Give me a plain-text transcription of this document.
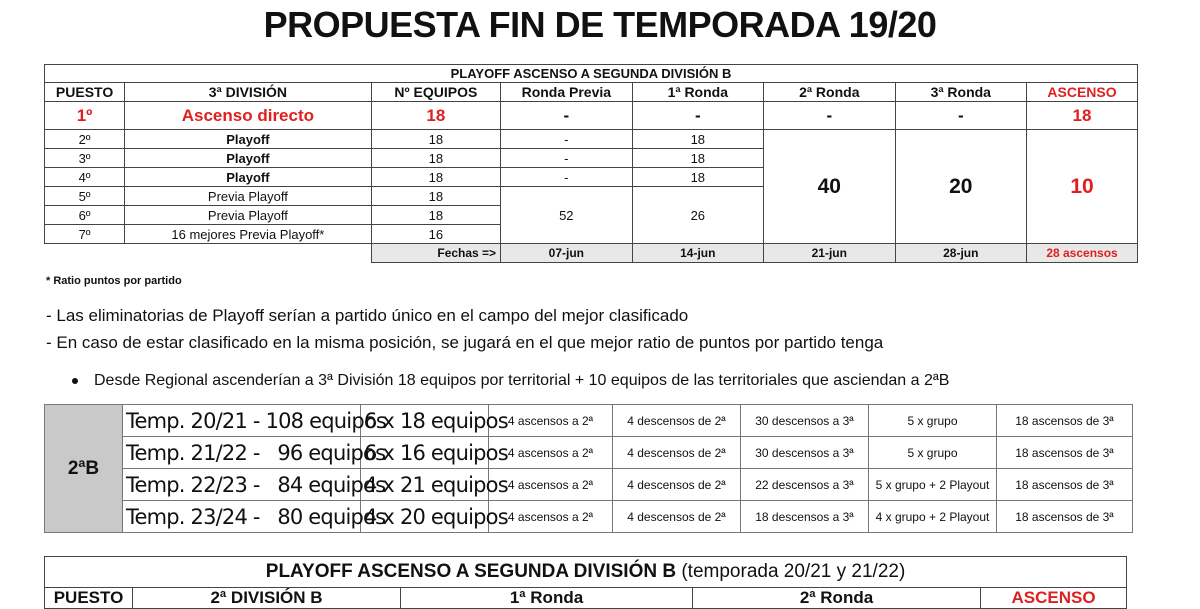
PROPUESTA FIN DE TEMPORADA 19/20
PLAYOFF ASCENSO A SEGUNDA DIVISIÓN B							
PUESTO	3ª DIVISIÓN	Nº EQUIPOS	Ronda Previa	1ª Ronda	2ª Ronda	3ª Ronda	ASCENSO
1º	Ascenso directo	18	-	-	-	-	18
2º	Playoff	18	-	18	40	20	10
3º	Playoff	18	-	18			
4º	Playoff	18	-	18			
5º	Previa Playoff	18	52	26			
6º	Previa Playoff	18					
7º	16 mejores Previa Playoff*	16					
		Fechas =>	07-jun	14-jun	21-jun	28-jun	28 ascensos
* Ratio puntos por partido
- Las eliminatorias de Playoff serían a partido único en el campo del mejor clasificado
- En caso de estar clasificado en la misma posición, se jugará en el que mejor ratio de puntos por partido tenga
Desde Regional ascenderían a 3ª División 18 equipos por territorial + 10 equipos de las territoriales que asciendan a 2ªB
2ªB	Temp. 20/21 - 108 equipos	6 x 18 equipos	4 ascensos a 2ª	4 descensos de 2ª	30 descensos a 3ª	5 x grupo	18 ascensos de 3ª
	Temp. 21/22 -   96 equipos	6 x 16 equipos	4 ascensos a 2ª	4 descensos de 2ª	30 descensos a 3ª	5 x grupo	18 ascensos de 3ª
	Temp. 22/23 -   84 equipos	4 x 21 equipos	4 ascensos a 2ª	4 descensos de 2ª	22 descensos a 3ª	5 x grupo + 2 Playout	18 ascensos de 3ª
	Temp. 23/24 -   80 equipos	4 x 20 equipos	4 ascensos a 2ª	4 descensos de 2ª	18 descensos a 3ª	4 x grupo + 2 Playout	18 ascensos de 3ª
PLAYOFF ASCENSO A SEGUNDA DIVISIÓN B (temporada 20/21 y 21/22)
PUESTO	2ª DIVISIÓN B	1ª Ronda	2ª Ronda	ASCENSO
